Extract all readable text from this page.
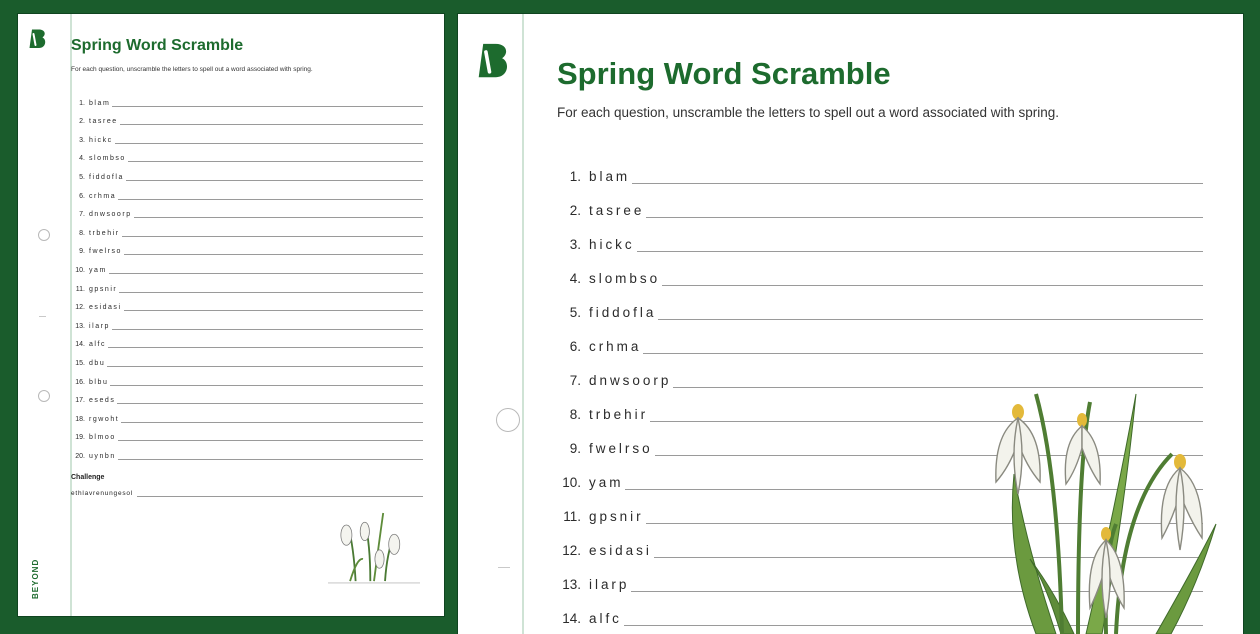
Spring Word Scramble
For each question, unscramble the letters to spell out a word associated with spring.
1. blam
2. tasree
3. hickc
4. slombso
5. fiddofla
6. crhma
7. dnwsoorp
8. trbehir
9. fwelrso
10. yam
11. gpsnir
12. esidasi
13. ilarp
14. alfc
15. dbu
16. blbu
17. eseds
18. rgwoht
19. blmoo
20. uynbn
Challenge
ethlavrenungesol
BEYOND
Spring Word Scramble
For each question, unscramble the letters to spell out a word associated with spring.
1. blam
2. tasree
3. hickc
4. slombso
5. fiddofla
6. crhma
7. dnwsoorp
8. trbehir
9. fwelrso
10. yam
11. gpsnir
12. esidasi
13. ilarp
14. alfc
